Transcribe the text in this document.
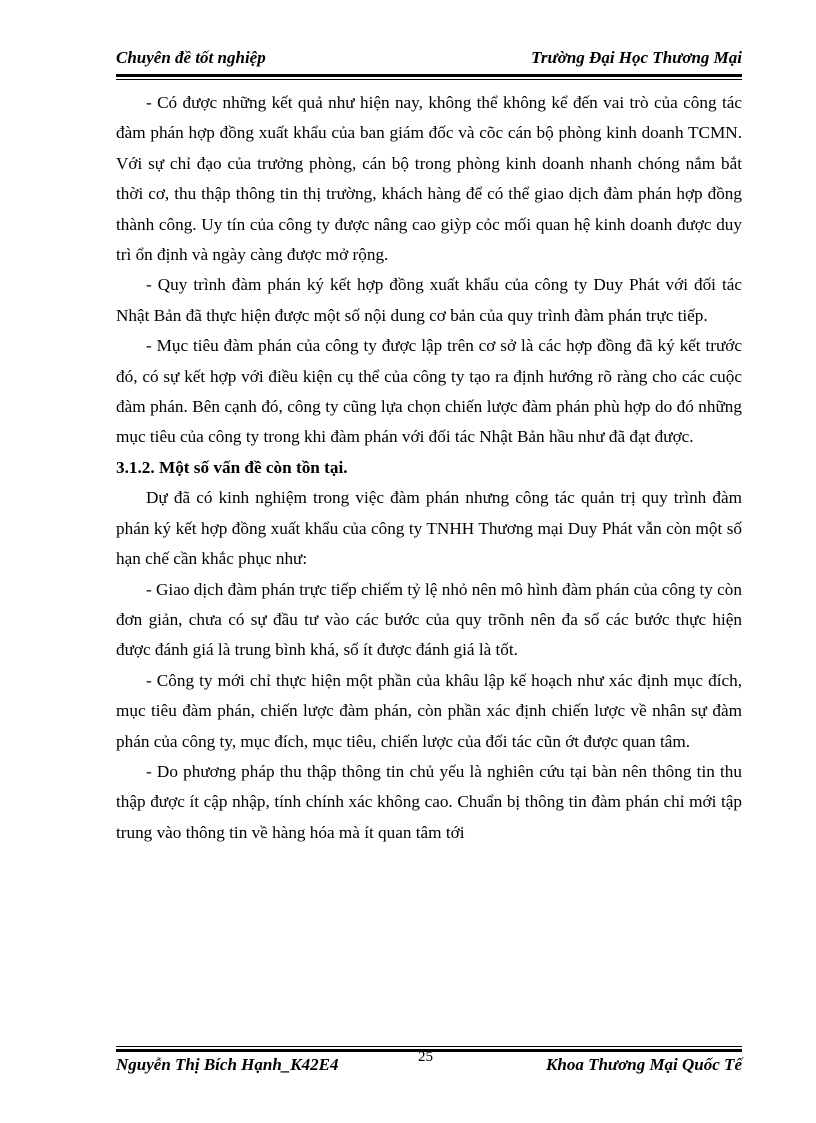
Chuyên đề tốt nghiệp	Trường Đại Học Thương Mại

- Có được những kết quả như hiện nay, không thể không kể đến vai trò của công tác đàm phán hợp đồng xuất khẩu của ban giám đốc và cõc cán bộ phòng kinh doanh TCMN. Với sự chỉ đạo của trưởng phòng, cán bộ trong phòng kinh doanh nhanh chóng nắm bắt thời cơ, thu thập thông tin thị trường, khách hàng để có thể giao dịch đàm phán hợp đồng thành công. Uy tín của công ty được nâng cao giỳp cỏc mối quan hệ kinh doanh được duy trì ổn định và ngày càng được mở rộng.

- Quy trình đàm phán ký kết hợp đồng xuất khẩu của công ty Duy Phát với đối tác Nhật Bản đã thực hiện được một số nội dung cơ bản của quy trình đàm phán trực tiếp.

- Mục tiêu đàm phán của công ty được lập trên cơ sở là các hợp đồng đã ký kết trước đó, có sự kết hợp với điều kiện cụ thể của công ty tạo ra định hướng rõ ràng cho các cuộc đàm phán. Bên cạnh đó, công ty cũng lựa chọn chiến lược đàm phán phù hợp do đó những mục tiêu của công ty trong khi đàm phán với đối tác Nhật Bản hầu như đã đạt được.

3.1.2. Một số vấn đề còn tồn tại.

Dự đã có kinh nghiệm trong việc đàm phán nhưng công tác quản trị quy trình đàm phán ký kết hợp đồng xuất khẩu của công ty TNHH Thương mại Duy Phát vẫn còn một số hạn chế cần khắc phục như:

- Giao dịch đàm phán trực tiếp chiếm tỷ lệ nhỏ nên mô hình đàm phán của công ty còn đơn giản, chưa có sự đầu tư vào các bước của quy trõnh nên đa số các bước thực hiện được đánh giá là trung bình khá, số ít được đánh giá là tốt.

- Công ty mới chỉ thực hiện một phần của khâu lập kế hoạch như xác định mục đích, mục tiêu đàm phán, chiến lược đàm phán, còn phần xác định chiến lược về nhân sự đàm phán của công ty, mục đích, mục tiêu, chiến lược của đối tác cũn ớt được quan tâm.

- Do phương pháp thu thập thông tin chủ yếu là nghiên cứu tại bàn nên thông tin thu thập được ít cập nhập, tính chính xác không cao. Chuẩn bị thông tin đàm phán chỉ mới tập trung vào thông tin về hàng hóa mà ít quan tâm tới

Nguyễn Thị Bích Hạnh_K42E4	25	Khoa Thương Mại Quốc Tế
